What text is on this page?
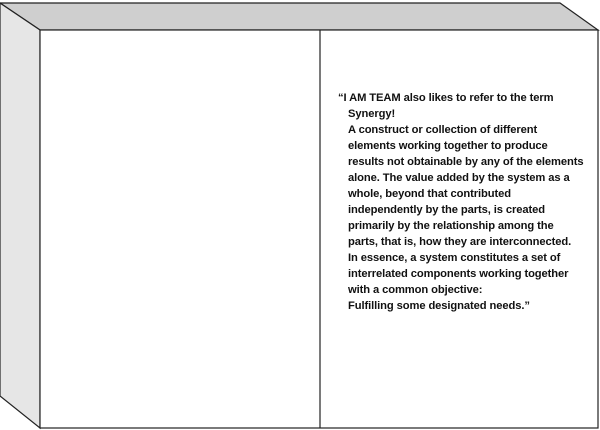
“I AM TEAM also likes to refer to the term
Synergy!
A construct or collection of different
elements working together to produce
results not obtainable by any of the elements
alone. The value added by the system as a
whole, beyond that contributed
independently by the parts, is created
primarily by the relationship among the
parts, that is, how they are interconnected.
In essence, a system constitutes a set of
interrelated components working together
with a common objective:
Fulfilling some designated needs.”
